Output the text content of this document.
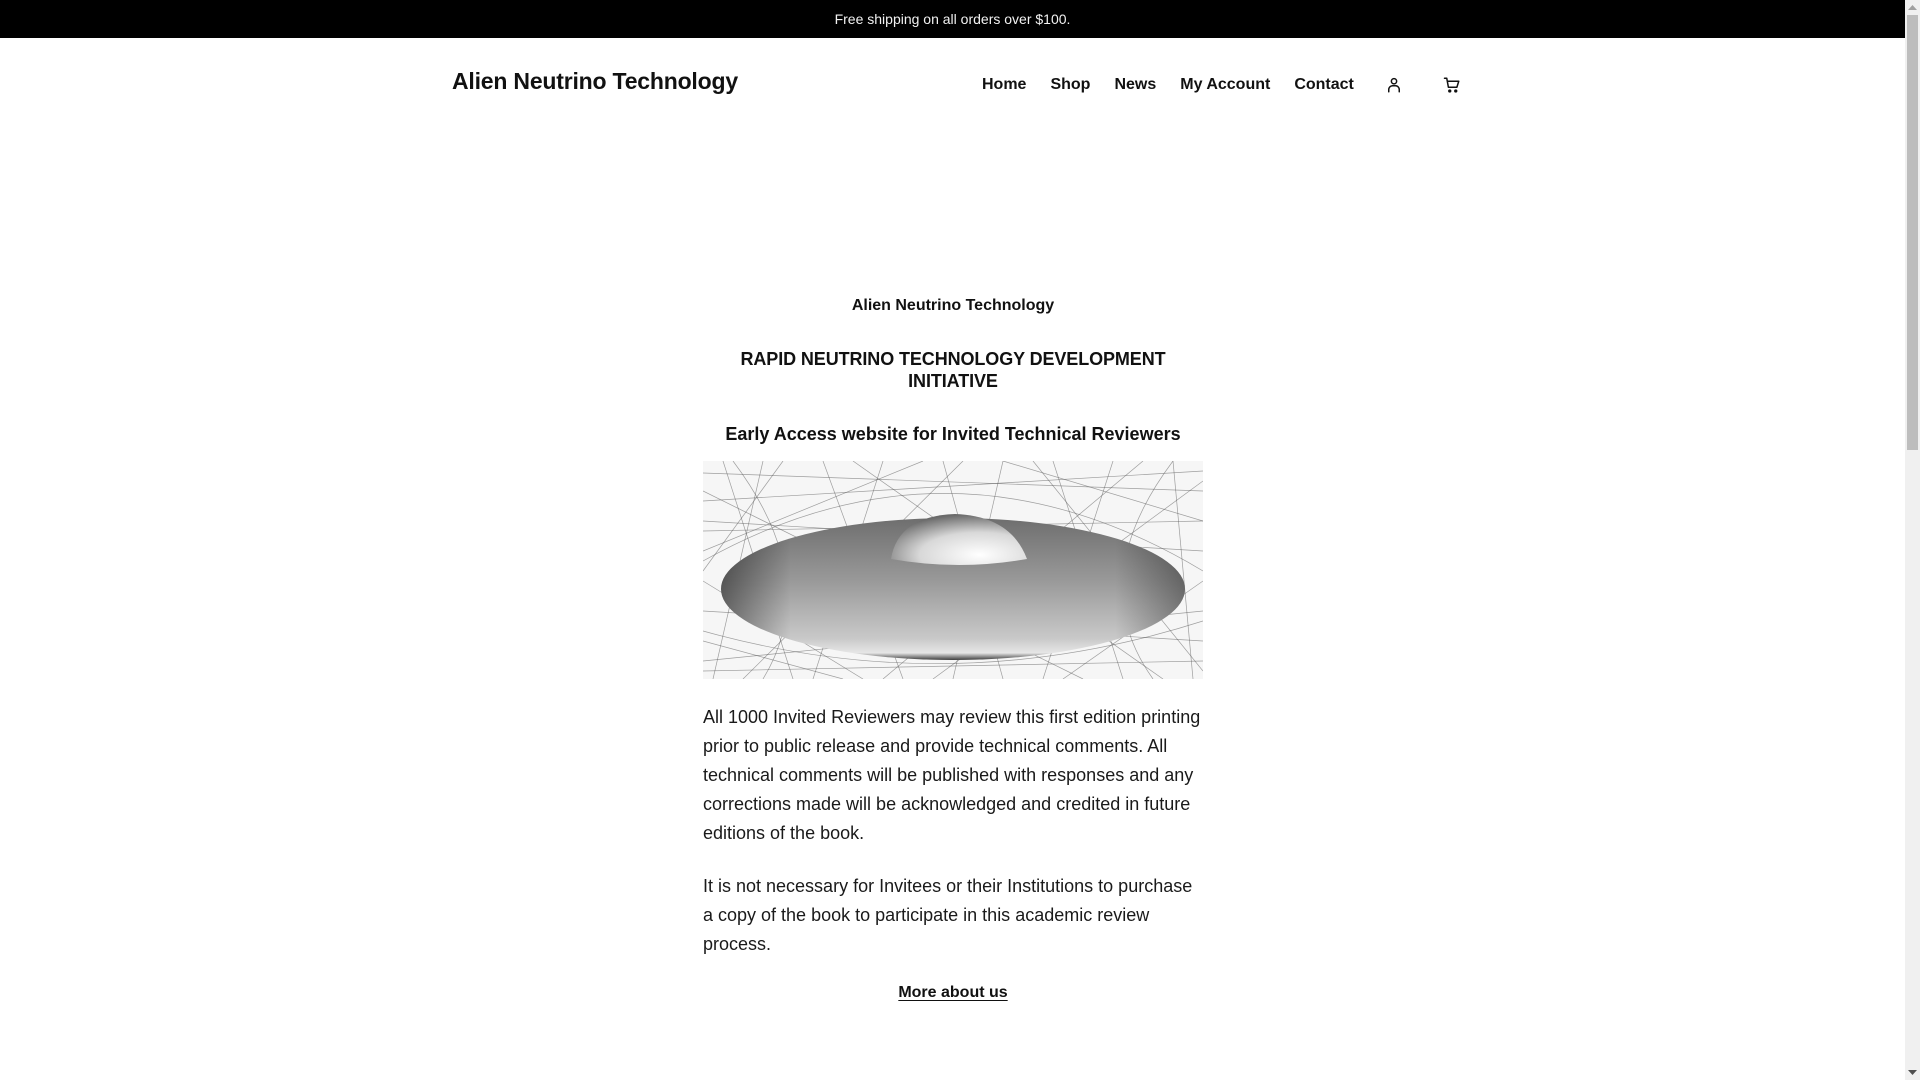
Free shipping on all orders over $100.
Alien Neutrino Technology	Home Shop News My Account Contact
Alien Neutrino Technology
RAPID NEUTRINO TECHNOLOGY DEVELOPMENT INITIATIVE
Early Access website for Invited Technical Reviewers

All 1000 Invited Reviewers may review this first edition printing prior to public release and provide technical comments. All technical comments will be published with responses and any corrections made will be acknowledged and credited in future editions of the book.

It is not necessary for Invitees or their Institutions to purchase a copy of the book to participate in this academic review process.

More about us
